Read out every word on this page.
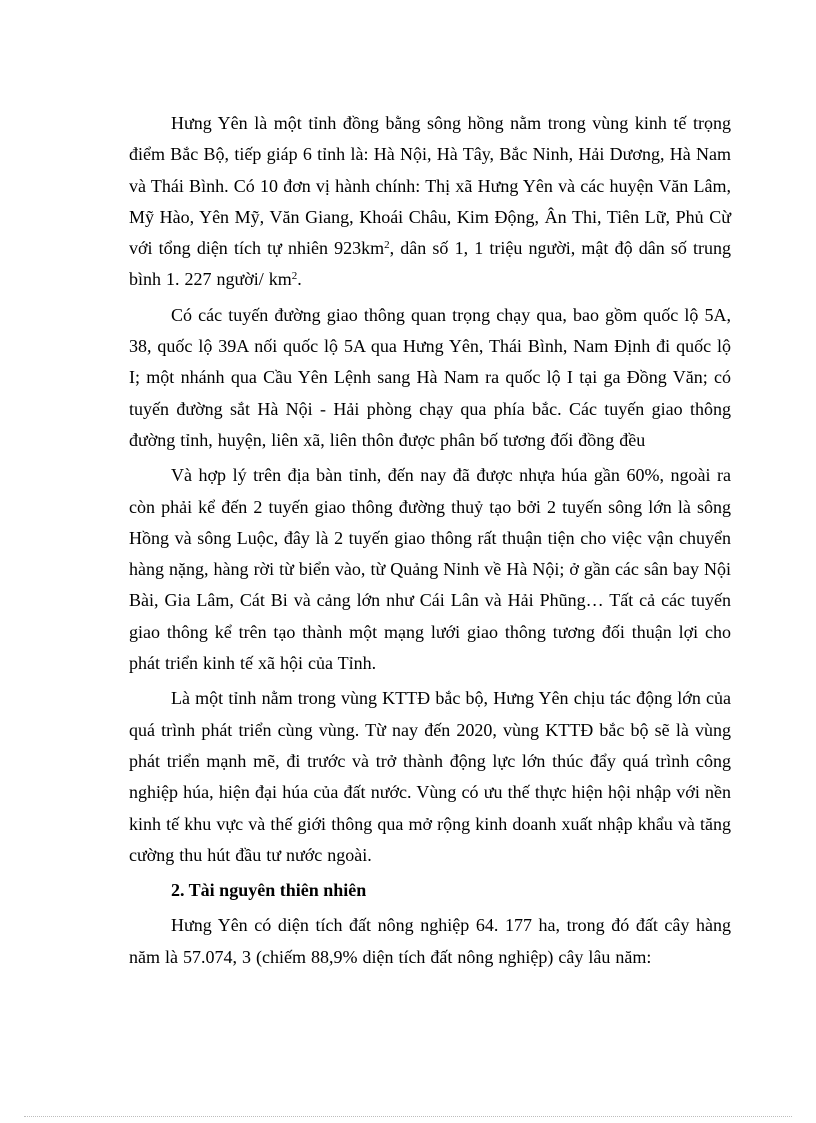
Hưng Yên là một tỉnh đồng bằng sông hồng nằm trong vùng kinh tế trọng điểm Bắc Bộ, tiếp giáp 6 tỉnh là: Hà Nội, Hà Tây, Bắc Ninh, Hải Dương, Hà Nam và Thái Bình. Có 10 đơn vị hành chính: Thị xã Hưng Yên và các huyện Văn Lâm, Mỹ Hào, Yên Mỹ, Văn Giang, Khoái Châu, Kim Động, Ân Thi, Tiên Lữ, Phủ Cừ với tổng diện tích tự nhiên $923km^2$, dân số 1, 1 triệu người, mật độ dân số trung bình 1. 227 người/ $km^2$.

Có các tuyến đường giao thông quan trọng chạy qua, bao gồm quốc lộ 5A, 38, quốc lộ 39A nối quốc lộ 5A qua Hưng Yên, Thái Bình, Nam Định đi quốc lộ I; một nhánh qua Cầu Yên Lệnh sang Hà Nam ra quốc lộ I tại ga Đồng Văn; có tuyến đường sắt Hà Nội - Hải phòng chạy qua phía bắc. Các tuyến giao thông đường tỉnh, huyện, liên xã, liên thôn được phân bố tương đối đồng đều

Và hợp lý trên địa bàn tỉnh, đến nay đã được nhựa húa gần 60%, ngoài ra còn phải kể đến 2 tuyến giao thông đường thuỷ tạo bởi 2 tuyến sông lớn là sông Hồng và sông Luộc, đây là 2 tuyến giao thông rất thuận tiện cho việc vận chuyển hàng nặng, hàng rời từ biển vào, từ Quảng Ninh về Hà Nội; ở gần các sân bay Nội Bài, Gia Lâm, Cát Bi và cảng lớn như Cái Lân và Hải Phũng… Tất cả các tuyến giao thông kể trên tạo thành một mạng lưới giao thông tương đối thuận lợi cho phát triển kinh tế xã hội của Tỉnh.

Là một tỉnh nằm trong vùng KTTĐ bắc bộ, Hưng Yên chịu tác động lớn của quá trình phát triển cùng vùng. Từ nay đến 2020, vùng KTTĐ bắc bộ sẽ là vùng phát triển mạnh mẽ, đi trước và trở thành động lực lớn thúc đẩy quá trình công nghiệp húa, hiện đại húa của đất nước. Vùng có ưu thế thực hiện hội nhập với nền kinh tế khu vực và thế giới thông qua mở rộng kinh doanh xuất nhập khẩu và tăng cường thu hút đầu tư nước ngoài.

2. Tài nguyên thiên nhiên

Hưng Yên có diện tích đất nông nghiệp 64. 177 ha, trong đó đất cây hàng năm là 57.074, 3 (chiếm 88,9% diện tích đất nông nghiệp) cây lâu năm:
